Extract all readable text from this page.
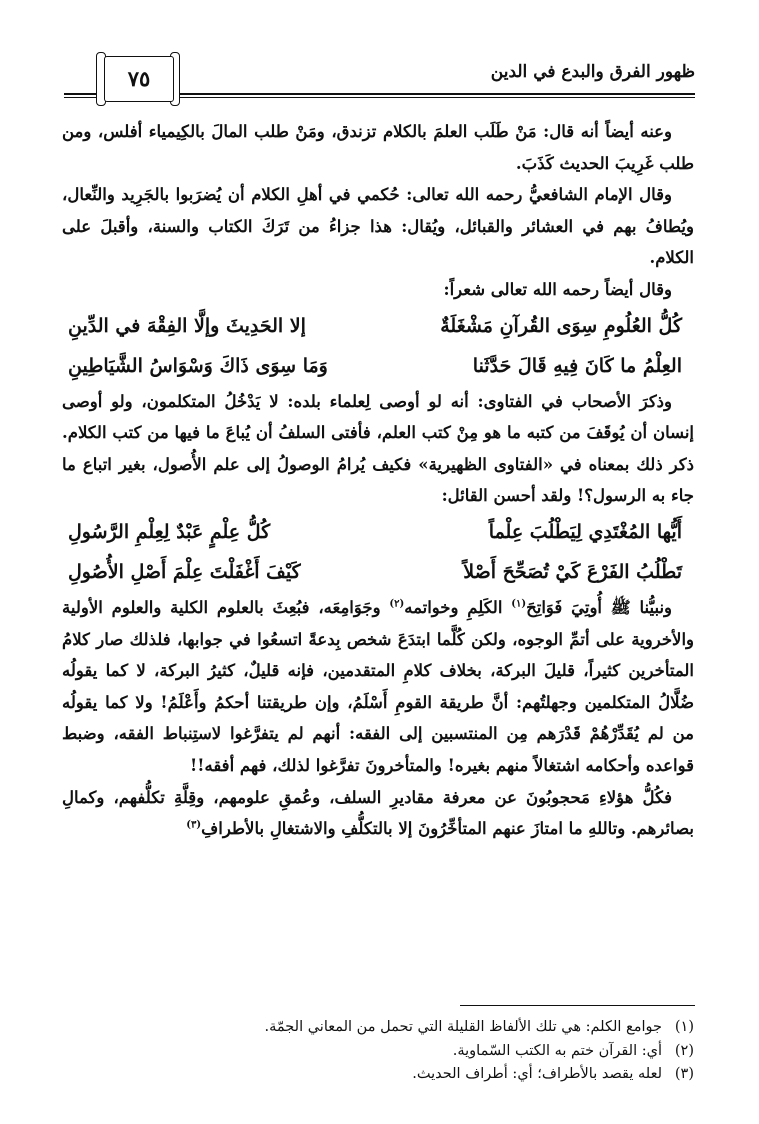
ظهور الفرق والبدع في الدين
٧٥

وعنه أيضاً أنه قال: مَنْ طَلَب العلمَ بالكلام تزندق، ومَنْ طلب المالَ بالكِيمياء أفلس، ومن طلب غَرِيبَ الحديث كَذَبَ.

وقال الإمام الشافعيُّ رحمه الله تعالى: حُكمي في أهلِ الكلام أن يُضرَبوا بالجَرِيد والنِّعال، ويُطافُ بهم في العشائر والقبائل، ويُقال: هذا جزاءُ من تَرَكَ الكتاب والسنة، وأقبلَ على الكلام.

وقال أيضاً رحمه الله تعالى شعراً:

كُلُّ العُلُومِ سِوَى القُرآنِ مَشْغَلَةٌ
إلا الحَدِيثَ وإلَّا الفِقْهَ في الدِّينِ
العِلْمُ ما كَانَ فِيهِ قَالَ حَدَّثَنا
وَمَا سِوَى ذَاكَ وَسْوَاسُ الشَّيَاطِينِ

وذكرَ الأصحاب في الفتاوى: أنه لو أوصى لِعلماء بلده: لا يَدْخُلُ المتكلمون، ولو أوصى إنسان أن يُوقَفَ من كتبه ما هو مِنْ كتب العلم، فأفتى السلفُ أن يُباعَ ما فيها من كتب الكلام. ذكر ذلك بمعناه في «الفتاوى الظهيرية» فكيف يُرامُ الوصولُ إلى علم الأُصول، بغير اتباع ما جاء به الرسول؟! ولقد أحسن القائل:

أَيُّها المُغْتَدِي لِيَطْلُبَ عِلْماً
كُلُّ عِلْمٍ عَبْدٌ لِعِلْمِ الرَّسُولِ
تَطْلُبُ الفَرْعَ كَيْ تُصَحِّحَ أَصْلاً
كَيْفَ أَغْفَلْتَ عِلْمَ أَصْلِ الأُصُولِ

ونبيُّنا ﷺ أُوتِيَ فَوَاتِحَ$^{(١)}$ الكَلِمِ وخواتمه$^{(٢)}$ وجَوَامِعَه، فبُعِثَ بالعلوم الكلية والعلوم الأولية والأخروية على أتمِّ الوجوه، ولكن كُلَّما ابتدَعَ شخص بِدعةً اتسعُوا في جوابها، فلذلك صار كلامُ المتأخرين كثيراً، قليلَ البركة، بخلاف كلامِ المتقدمين، فإنه قليلٌ، كثيرُ البركة، لا كما يقولُه ضُلَّالُ المتكلمين وجهلتُهم: أنَّ طريقة القومِ أَسْلَمُ، وإن طريقتنا أحكمُ وأَعْلَمُ! ولا كما يقولُه من لم يُقَدِّرْهُمْ قَدْرَهم مِن المنتسبين إلى الفقه: أنهم لم يتفرَّغوا لاستِنباط الفقه، وضبط قواعده وأحكامه اشتغالاً منهم بغيره! والمتأخرونَ تفرَّغوا لذلك، فهم أفقه!!

فكُلُّ هؤلاءِ مَحجوبُونَ عن معرفة مقاديرِ السلف، وعُمقِ علومهم، وقِلَّةِ تكلُّفهم، وكمالِ بصائرهم. وتاللهِ ما امتازَ عنهم المتأخِّرُونَ إلا بالتكلُّفِ والاشتغالِ بالأطرافِ$^{(٣)}$

(١)جوامع الكلم: هي تلك الألفاظ القليلة التي تحمل من المعاني الجمّة.

(٢)أي: القرآن ختم به الكتب السّماوية.

(٣)لعله يقصد بالأطراف؛ أي: أطراف الحديث.
